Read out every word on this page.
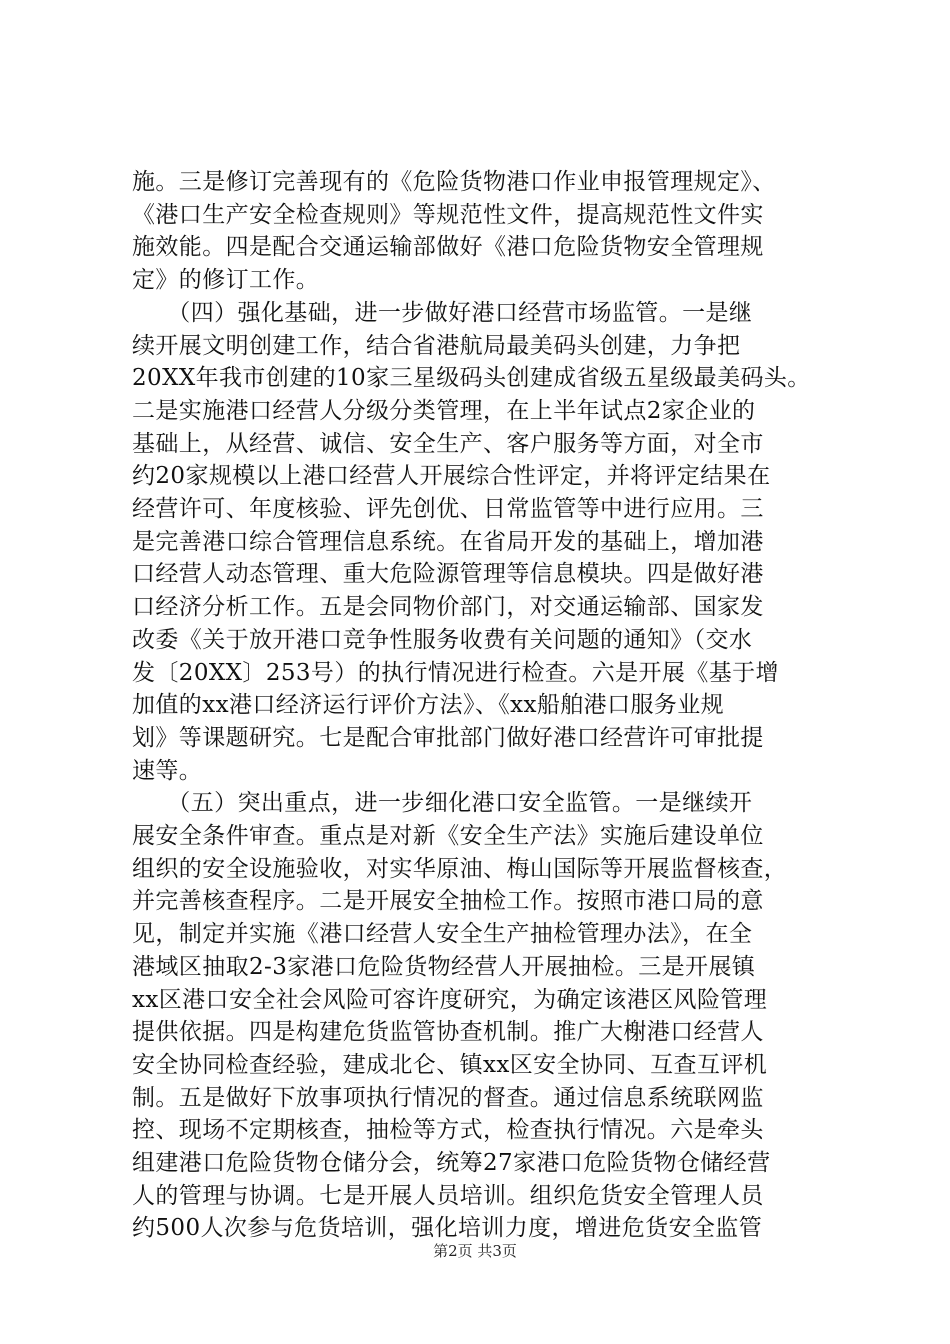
施。三是修订完善现有的《危险货物港口作业申报管理规定》、
《港口生产安全检查规则》等规范性文件，提高规范性文件实
施效能。四是配合交通运输部做好《港口危险货物安全管理规
定》的修订工作。
　　（四）强化基础，进一步做好港口经营市场监管。一是继
续开展文明创建工作，结合省港航局最美码头创建，力争把
20XX年我市创建的10家三星级码头创建成省级五星级最美码头。
二是实施港口经营人分级分类管理，在上半年试点2家企业的
基础上，从经营、诚信、安全生产、客户服务等方面，对全市
约20家规模以上港口经营人开展综合性评定，并将评定结果在
经营许可、年度核验、评先创优、日常监管等中进行应用。三
是完善港口综合管理信息系统。在省局开发的基础上，增加港
口经营人动态管理、重大危险源管理等信息模块。四是做好港
口经济分析工作。五是会同物价部门，对交通运输部、国家发
改委《关于放开港口竞争性服务收费有关问题的通知》（交水
发〔20XX〕253号）的执行情况进行检查。六是开展《基于增
加值的xx港口经济运行评价方法》、《xx船舶港口服务业规
划》等课题研究。七是配合审批部门做好港口经营许可审批提
速等。
　　（五）突出重点，进一步细化港口安全监管。一是继续开
展安全条件审查。重点是对新《安全生产法》实施后建设单位
组织的安全设施验收，对实华原油、梅山国际等开展监督核查，
并完善核查程序。二是开展安全抽检工作。按照市港口局的意
见，制定并实施《港口经营人安全生产抽检管理办法》，在全
港域区抽取2-3家港口危险货物经营人开展抽检。三是开展镇
xx区港口安全社会风险可容许度研究，为确定该港区风险管理
提供依据。四是构建危货监管协查机制。推广大榭港口经营人
安全协同检查经验，建成北仑、镇xx区安全协同、互查互评机
制。五是做好下放事项执行情况的督查。通过信息系统联网监
控、现场不定期核查，抽检等方式，检查执行情况。六是牵头
组建港口危险货物仓储分会，统筹27家港口危险货物仓储经营
人的管理与协调。七是开展人员培训。组织危货安全管理人员
约500人次参与危货培训，强化培训力度，增进危货安全监管
第2页 共3页
